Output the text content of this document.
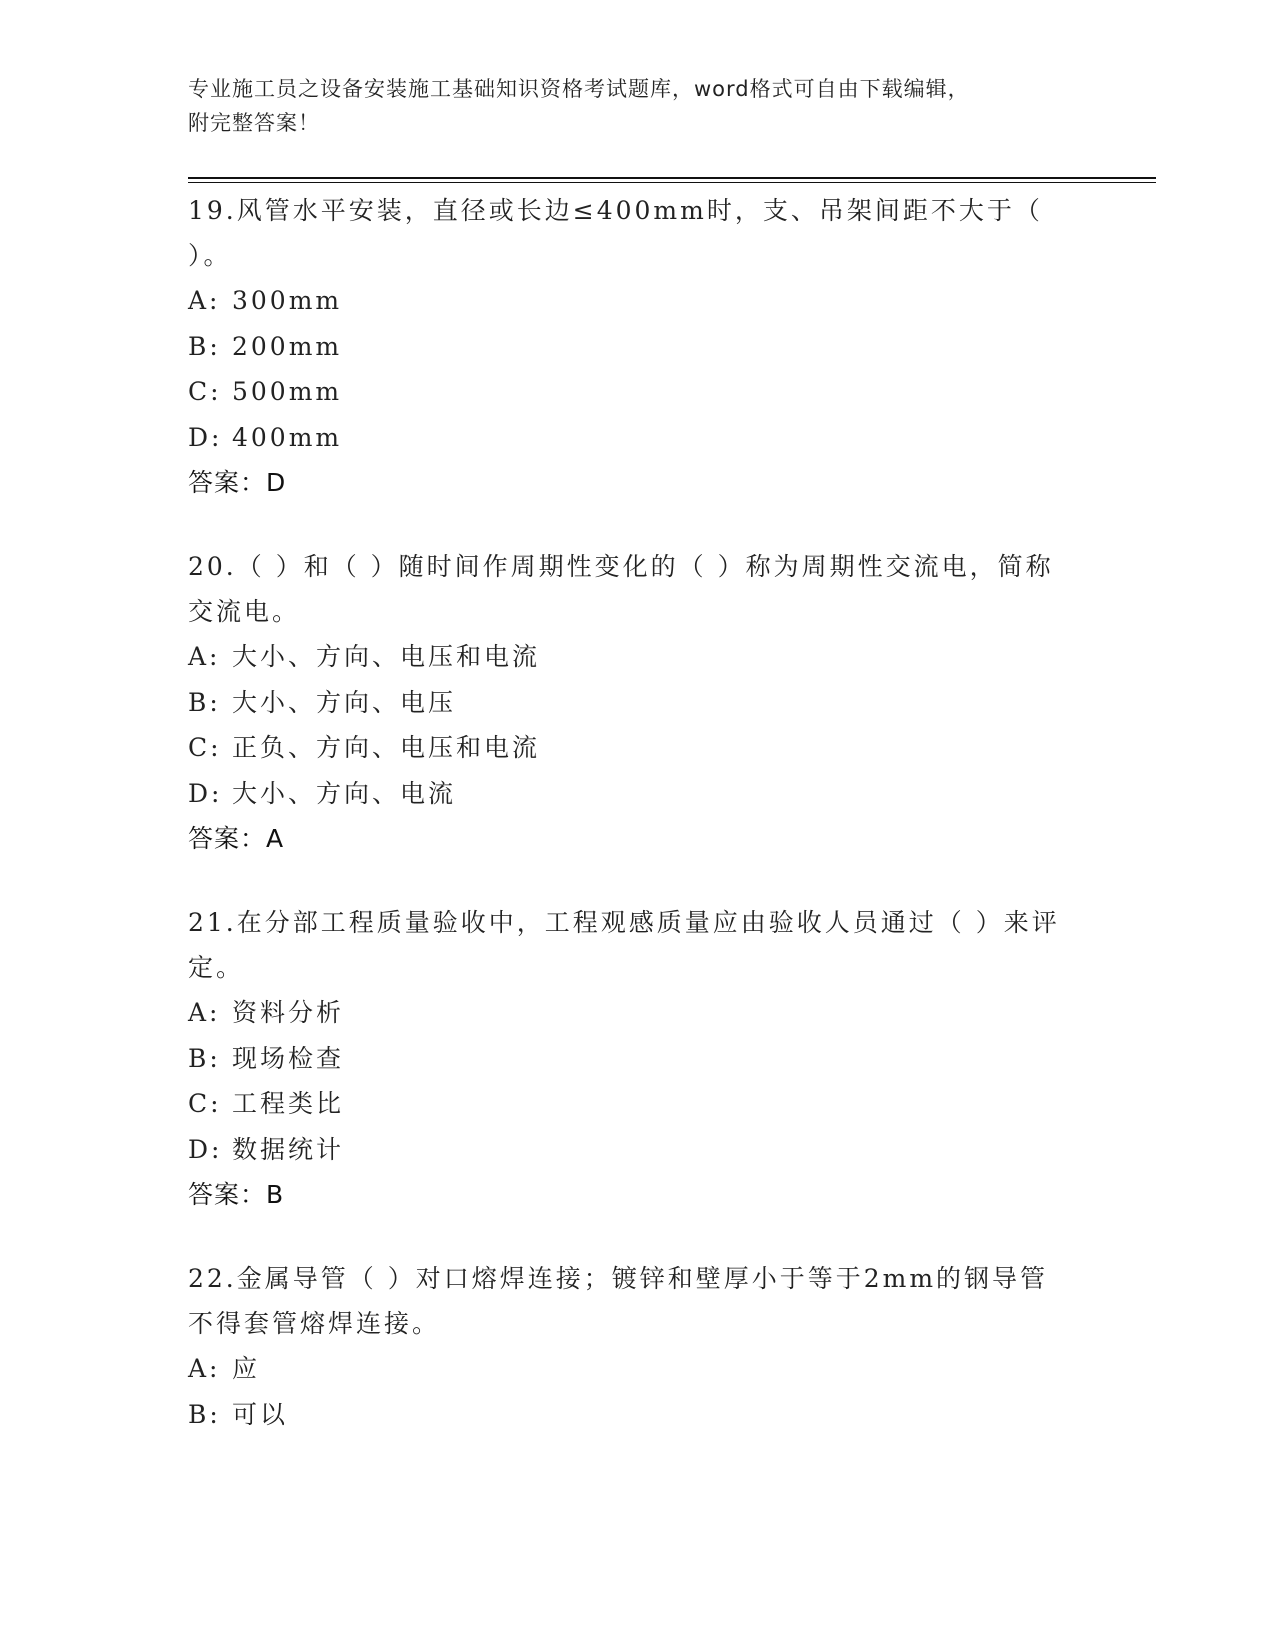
专业施工员之设备安装施工基础知识资格考试题库，word格式可自由下载编辑，
附完整答案！
19.风管水平安装，直径或长边≤400mm时，支、吊架间距不大于（ ）。
A: 300mm
B: 200mm
C: 500mm
D: 400mm
答案：D
20.（ ）和（ ）随时间作周期性变化的（ ）称为周期性交流电，简称交流电。
A: 大小、方向、电压和电流
B: 大小、方向、电压
C: 正负、方向、电压和电流
D: 大小、方向、电流
答案：A
21.在分部工程质量验收中，工程观感质量应由验收人员通过（ ）来评定。
A: 资料分析
B: 现场检查
C: 工程类比
D: 数据统计
答案：B
22.金属导管（ ）对口熔焊连接；镀锌和壁厚小于等于2mm的钢导管不得套管熔焊连接。
A: 应
B: 可以
